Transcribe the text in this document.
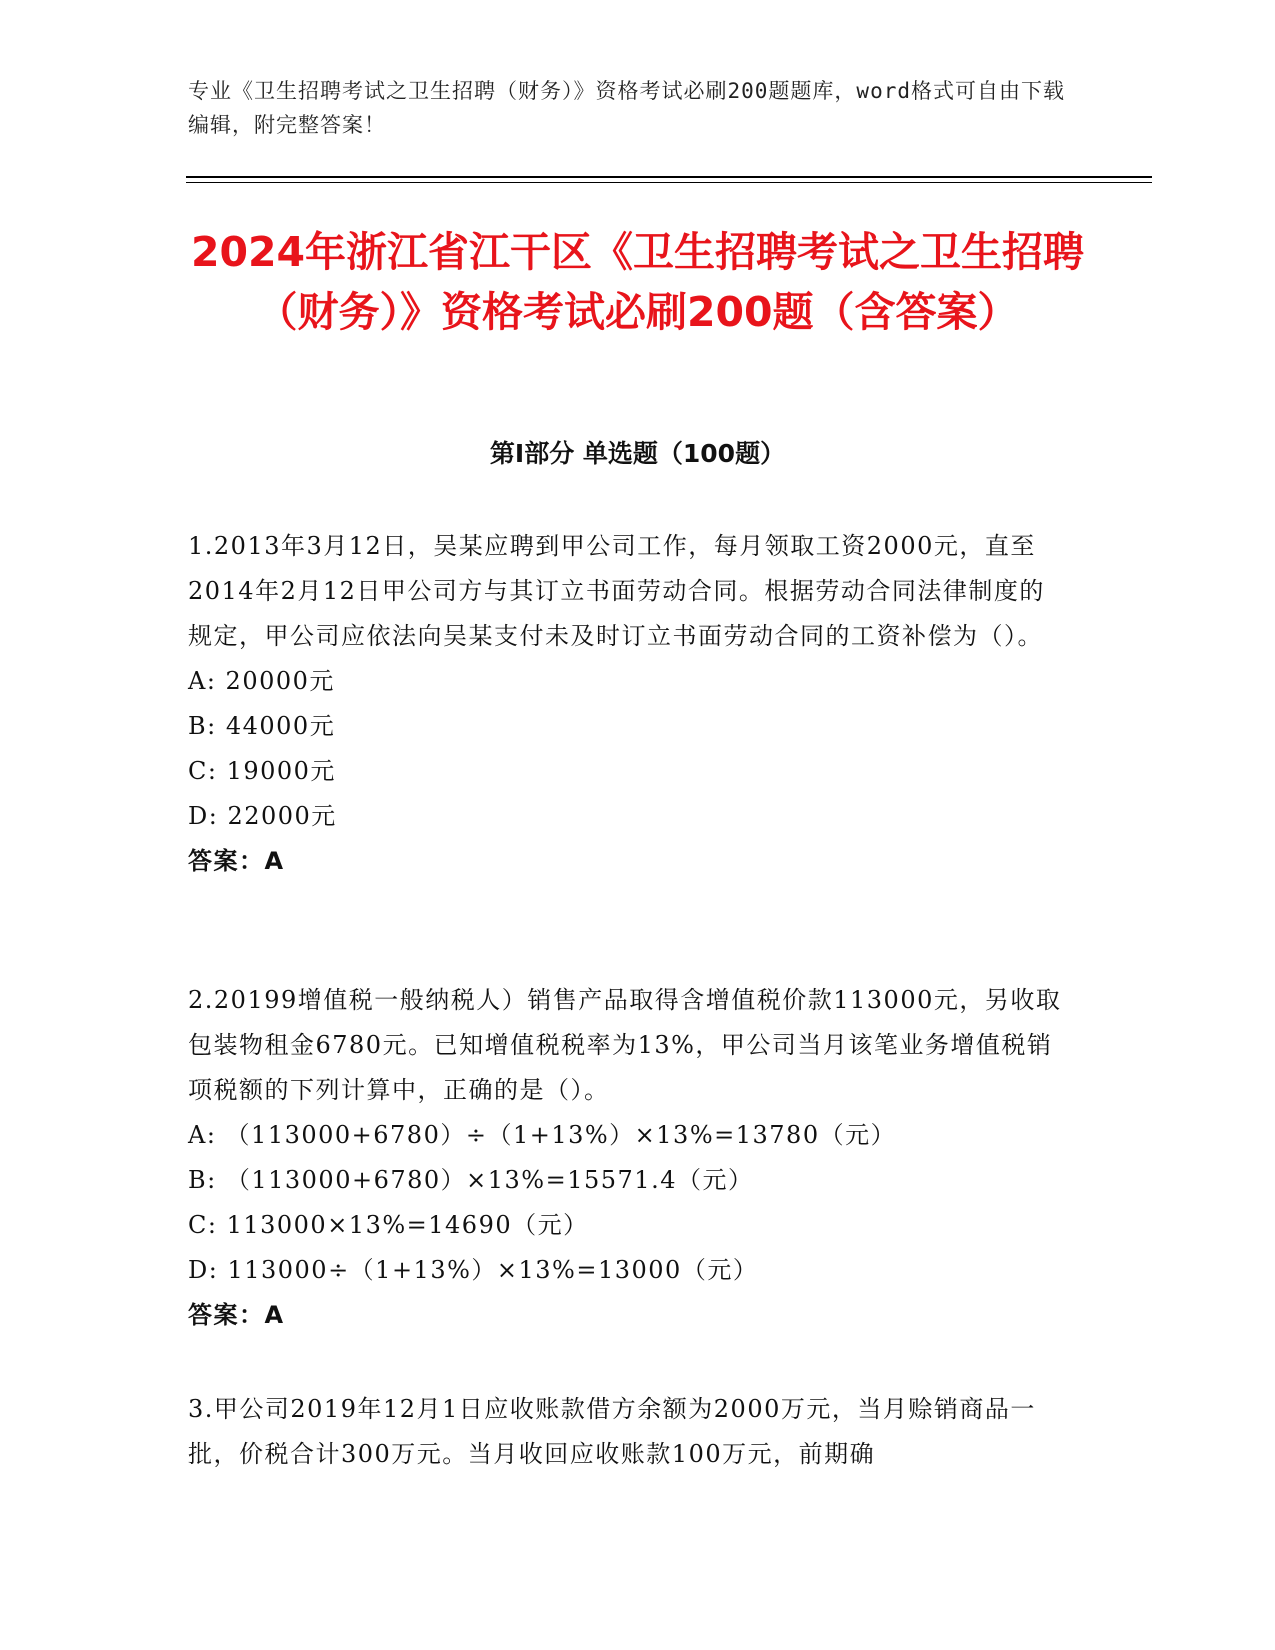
专业《卫生招聘考试之卫生招聘（财务）》资格考试必刷200题题库，word格式可自由下载编辑，附完整答案！
2024年浙江省江干区《卫生招聘考试之卫生招聘（财务）》资格考试必刷200题（含答案）
第Ⅰ部分 单选题（100题）

1.2013年3月12日，吴某应聘到甲公司工作，每月领取工资2000元，直至2014年2月12日甲公司方与其订立书面劳动合同。根据劳动合同法律制度的规定，甲公司应依法向吴某支付未及时订立书面劳动合同的工资补偿为（）。

A: 20000元
B: 44000元
C: 19000元
D: 22000元
答案：A

2.20199增值税一般纳税人）销售产品取得含增值税价款113000元，另收取包装物租金6780元。已知增值税税率为13%，甲公司当月该笔业务增值税销项税额的下列计算中，正确的是（）。

A: （113000+6780）÷（1+13%）×13%=13780（元）
B: （113000+6780）×13%=15571.4（元）
C: 113000×13%=14690（元）
D: 113000÷（1+13%）×13%=13000（元）
答案：A

3.甲公司2019年12月1日应收账款借方余额为2000万元，当月赊销商品一批，价税合计300万元。当月收回应收账款100万元，前期确
